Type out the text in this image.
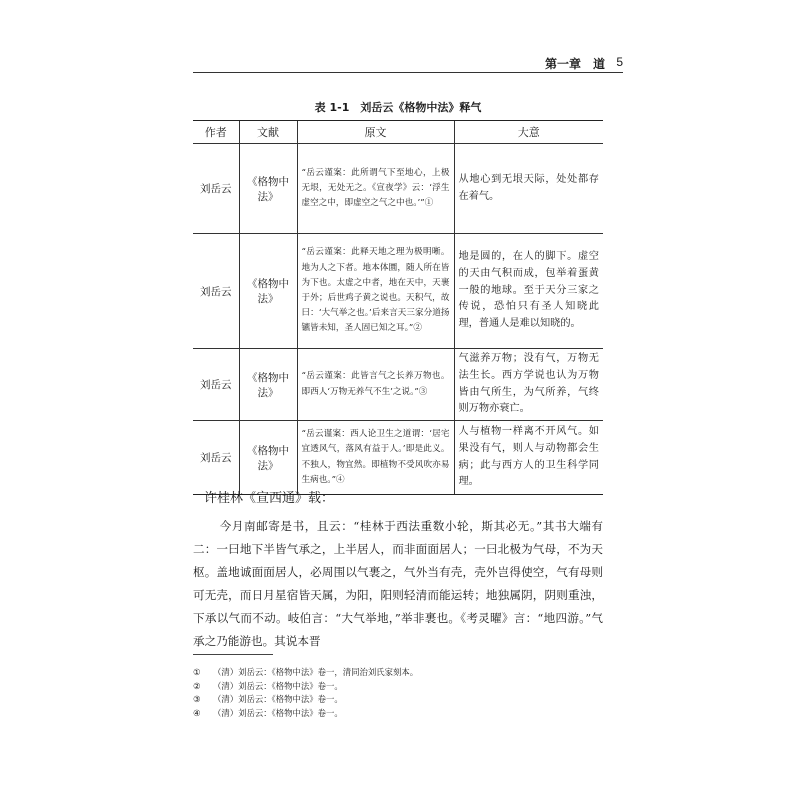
第一章　道 5
表 1-1　刘岳云《格物中法》释气
作者	文献	原文	大意
刘岳云	《格物中法》	“岳云谨案：此所谓气下至地心，上极无垠，无处无之。《宣夜学》云：‘浮生虚空之中，即虚空之气之中也。’”①	从地心到无垠天际，处处都存在着气。
刘岳云	《格物中法》	“岳云谨案：此释天地之理为极明晰。地为人之下者。地本体圜，随人所在皆为下也。太虚之中者，地在天中，天裹于外；后世鸡子黄之说也。天积气，故曰：‘大气举之也。’后来言天三家分道扬镳皆未知，圣人固已知之耳。”②	地是圆的，在人的脚下。虚空的天由气积而成，包举着蛋黄一般的地球。至于天分三家之传说，恐怕只有圣人知晓此理，普通人是难以知晓的。
刘岳云	《格物中法》	“岳云谨案：此皆言气之长养万物也。即西人‘万物无养气不生’之说。”③	气滋养万物；没有气，万物无法生长。西方学说也认为万物皆由气所生，为气所养，气终则万物亦衰亡。
刘岳云	《格物中法》	“岳云谨案：西人论卫生之道谓：‘居宅宜透风气，落风有益于人。’即是此义。不独人，物宜然。即植物不受风吹亦易生病也。”④	人与植物一样离不开风气。如果没有气，则人与动物都会生病；此与西方人的卫生科学同理。
许桂林《宣西通》载：
今月南邮寄是书，且云：“桂林于西法重数小轮，斯其必无。”其书大端有二：一曰地下半皆气承之，上半居人，而非面面居人；一曰北极为气母，不为天枢。盖地诚面面居人，必周围以气裹之，气外当有壳，壳外岂得使空，气有母则可无壳，而日月星宿皆天属，为阳，阳则轻清而能运转；地独属阴，阴则重浊，下承以气而不动。岐伯言：“大气举地，”举非裹也。《考灵曜》言：“地四游。”气承之乃能游也。其说本晋
① （清）刘岳云：《格物中法》卷一，清同治刘氏家刻本。
② （清）刘岳云：《格物中法》卷一。
③ （清）刘岳云：《格物中法》卷一。
④ （清）刘岳云：《格物中法》卷一。
